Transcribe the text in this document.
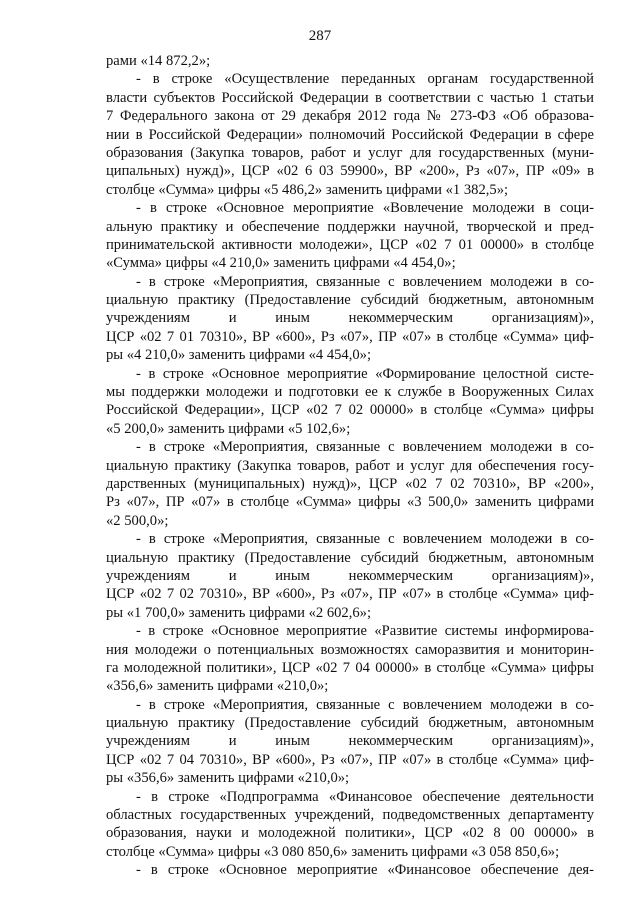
287
рами «14 872,2»;
- в строке «Осуществление переданных органам государственной
власти субъектов Российской Федерации в соответствии с частью 1 статьи
7 Федерального закона от 29 декабря 2012 года № 273-ФЗ «Об образова-
нии в Российской Федерации» полномочий Российской Федерации в сфере
образования (Закупка товаров, работ и услуг для государственных (муни-
ципальных) нужд)», ЦСР «02 6 03 59900», ВР «200», Рз «07», ПР «09» в
столбце «Сумма» цифры «5 486,2» заменить цифрами «1 382,5»;
- в строке «Основное мероприятие «Вовлечение молодежи в соци-
альную практику и обеспечение поддержки научной, творческой и пред-
принимательской активности молодежи», ЦСР «02 7 01 00000» в столбце
«Сумма» цифры «4 210,0» заменить цифрами «4 454,0»;
- в строке «Мероприятия, связанные с вовлечением молодежи в со-
циальную практику (Предоставление субсидий бюджетным, автономным
учреждениям и иным некоммерческим организациям)»,
ЦСР «02 7 01 70310», ВР «600», Рз «07», ПР «07» в столбце «Сумма» циф-
ры «4 210,0» заменить цифрами «4 454,0»;
- в строке «Основное мероприятие «Формирование целостной систе-
мы поддержки молодежи и подготовки ее к службе в Вооруженных Силах
Российской Федерации», ЦСР «02 7 02 00000» в столбце «Сумма» цифры
«5 200,0» заменить цифрами «5 102,6»;
- в строке «Мероприятия, связанные с вовлечением молодежи в со-
циальную практику (Закупка товаров, работ и услуг для обеспечения госу-
дарственных (муниципальных) нужд)», ЦСР «02 7 02 70310», ВР «200»,
Рз «07», ПР «07» в столбце «Сумма» цифры «3 500,0» заменить цифрами
«2 500,0»;
- в строке «Мероприятия, связанные с вовлечением молодежи в со-
циальную практику (Предоставление субсидий бюджетным, автономным
учреждениям и иным некоммерческим организациям)»,
ЦСР «02 7 02 70310», ВР «600», Рз «07», ПР «07» в столбце «Сумма» циф-
ры «1 700,0» заменить цифрами «2 602,6»;
- в строке «Основное мероприятие «Развитие системы информирова-
ния молодежи о потенциальных возможностях саморазвития и мониторин-
га молодежной политики», ЦСР «02 7 04 00000» в столбце «Сумма» цифры
«356,6» заменить цифрами «210,0»;
- в строке «Мероприятия, связанные с вовлечением молодежи в со-
циальную практику (Предоставление субсидий бюджетным, автономным
учреждениям и иным некоммерческим организациям)»,
ЦСР «02 7 04 70310», ВР «600», Рз «07», ПР «07» в столбце «Сумма» циф-
ры «356,6» заменить цифрами «210,0»;
- в строке «Подпрограмма «Финансовое обеспечение деятельности
областных государственных учреждений, подведомственных департаменту
образования, науки и молодежной политики», ЦСР «02 8 00 00000» в
столбце «Сумма» цифры «3 080 850,6» заменить цифрами «3 058 850,6»;
- в строке «Основное мероприятие «Финансовое обеспечение дея-
